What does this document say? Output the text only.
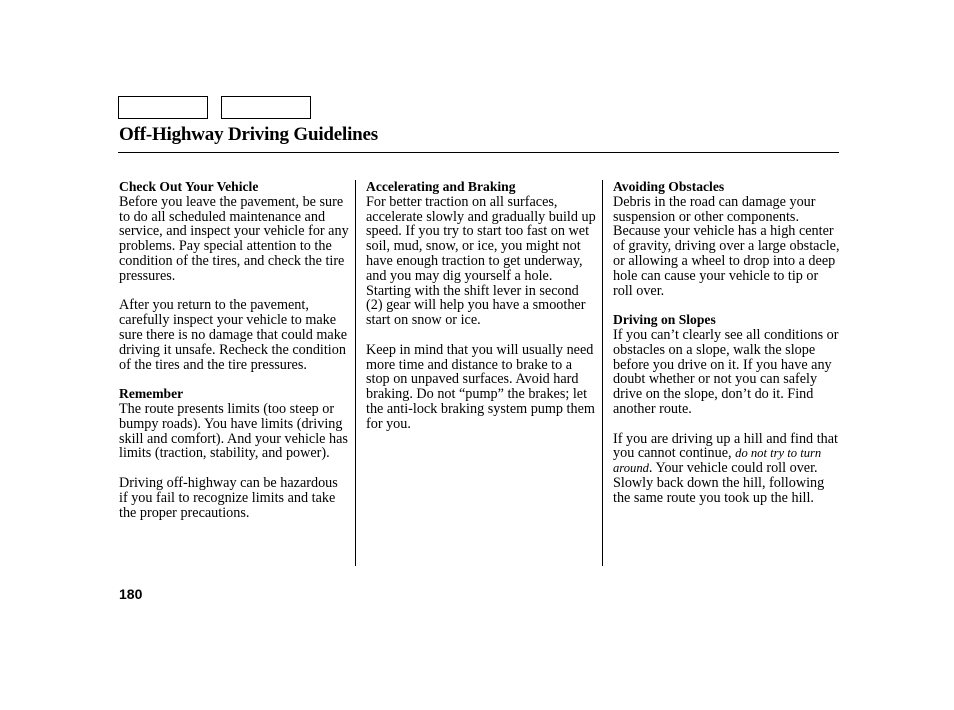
Off-Highway Driving Guidelines
Check Out Your Vehicle

Before you leave the pavement, be sure to do all scheduled maintenance and service, and inspect your vehicle for any problems. Pay special attention to the condition of the tires, and check the tire pressures.

After you return to the pavement, carefully inspect your vehicle to make sure there is no damage that could make driving it unsafe. Recheck the condition of the tires and the tire pressures.

Remember

The route presents limits (too steep or bumpy roads). You have limits (driving skill and comfort). And your vehicle has limits (traction, stability, and power).

Driving off-highway can be hazardous if you fail to recognize limits and take the proper precautions.

Accelerating and Braking

For better traction on all surfaces, accelerate slowly and gradually build up speed. If you try to start too fast on wet soil, mud, snow, or ice, you might not have enough traction to get underway, and you may dig yourself a hole. Starting with the shift lever in second (2) gear will help you have a smoother start on snow or ice.

Keep in mind that you will usually need more time and distance to brake to a stop on unpaved surfaces. Avoid hard braking. Do not “pump” the brakes; let the anti-lock braking system pump them for you.

Avoiding Obstacles

Debris in the road can damage your suspension or other components. Because your vehicle has a high center of gravity, driving over a large obstacle, or allowing a wheel to drop into a deep hole can cause your vehicle to tip or roll over.

Driving on Slopes

If you can’t clearly see all conditions or obstacles on a slope, walk the slope before you drive on it. If you have any doubt whether or not you can safely drive on the slope, don’t do it. Find another route.

If you are driving up a hill and find that you cannot continue, do not try to turn around. Your vehicle could roll over. Slowly back down the hill, following the same route you took up the hill.

180
